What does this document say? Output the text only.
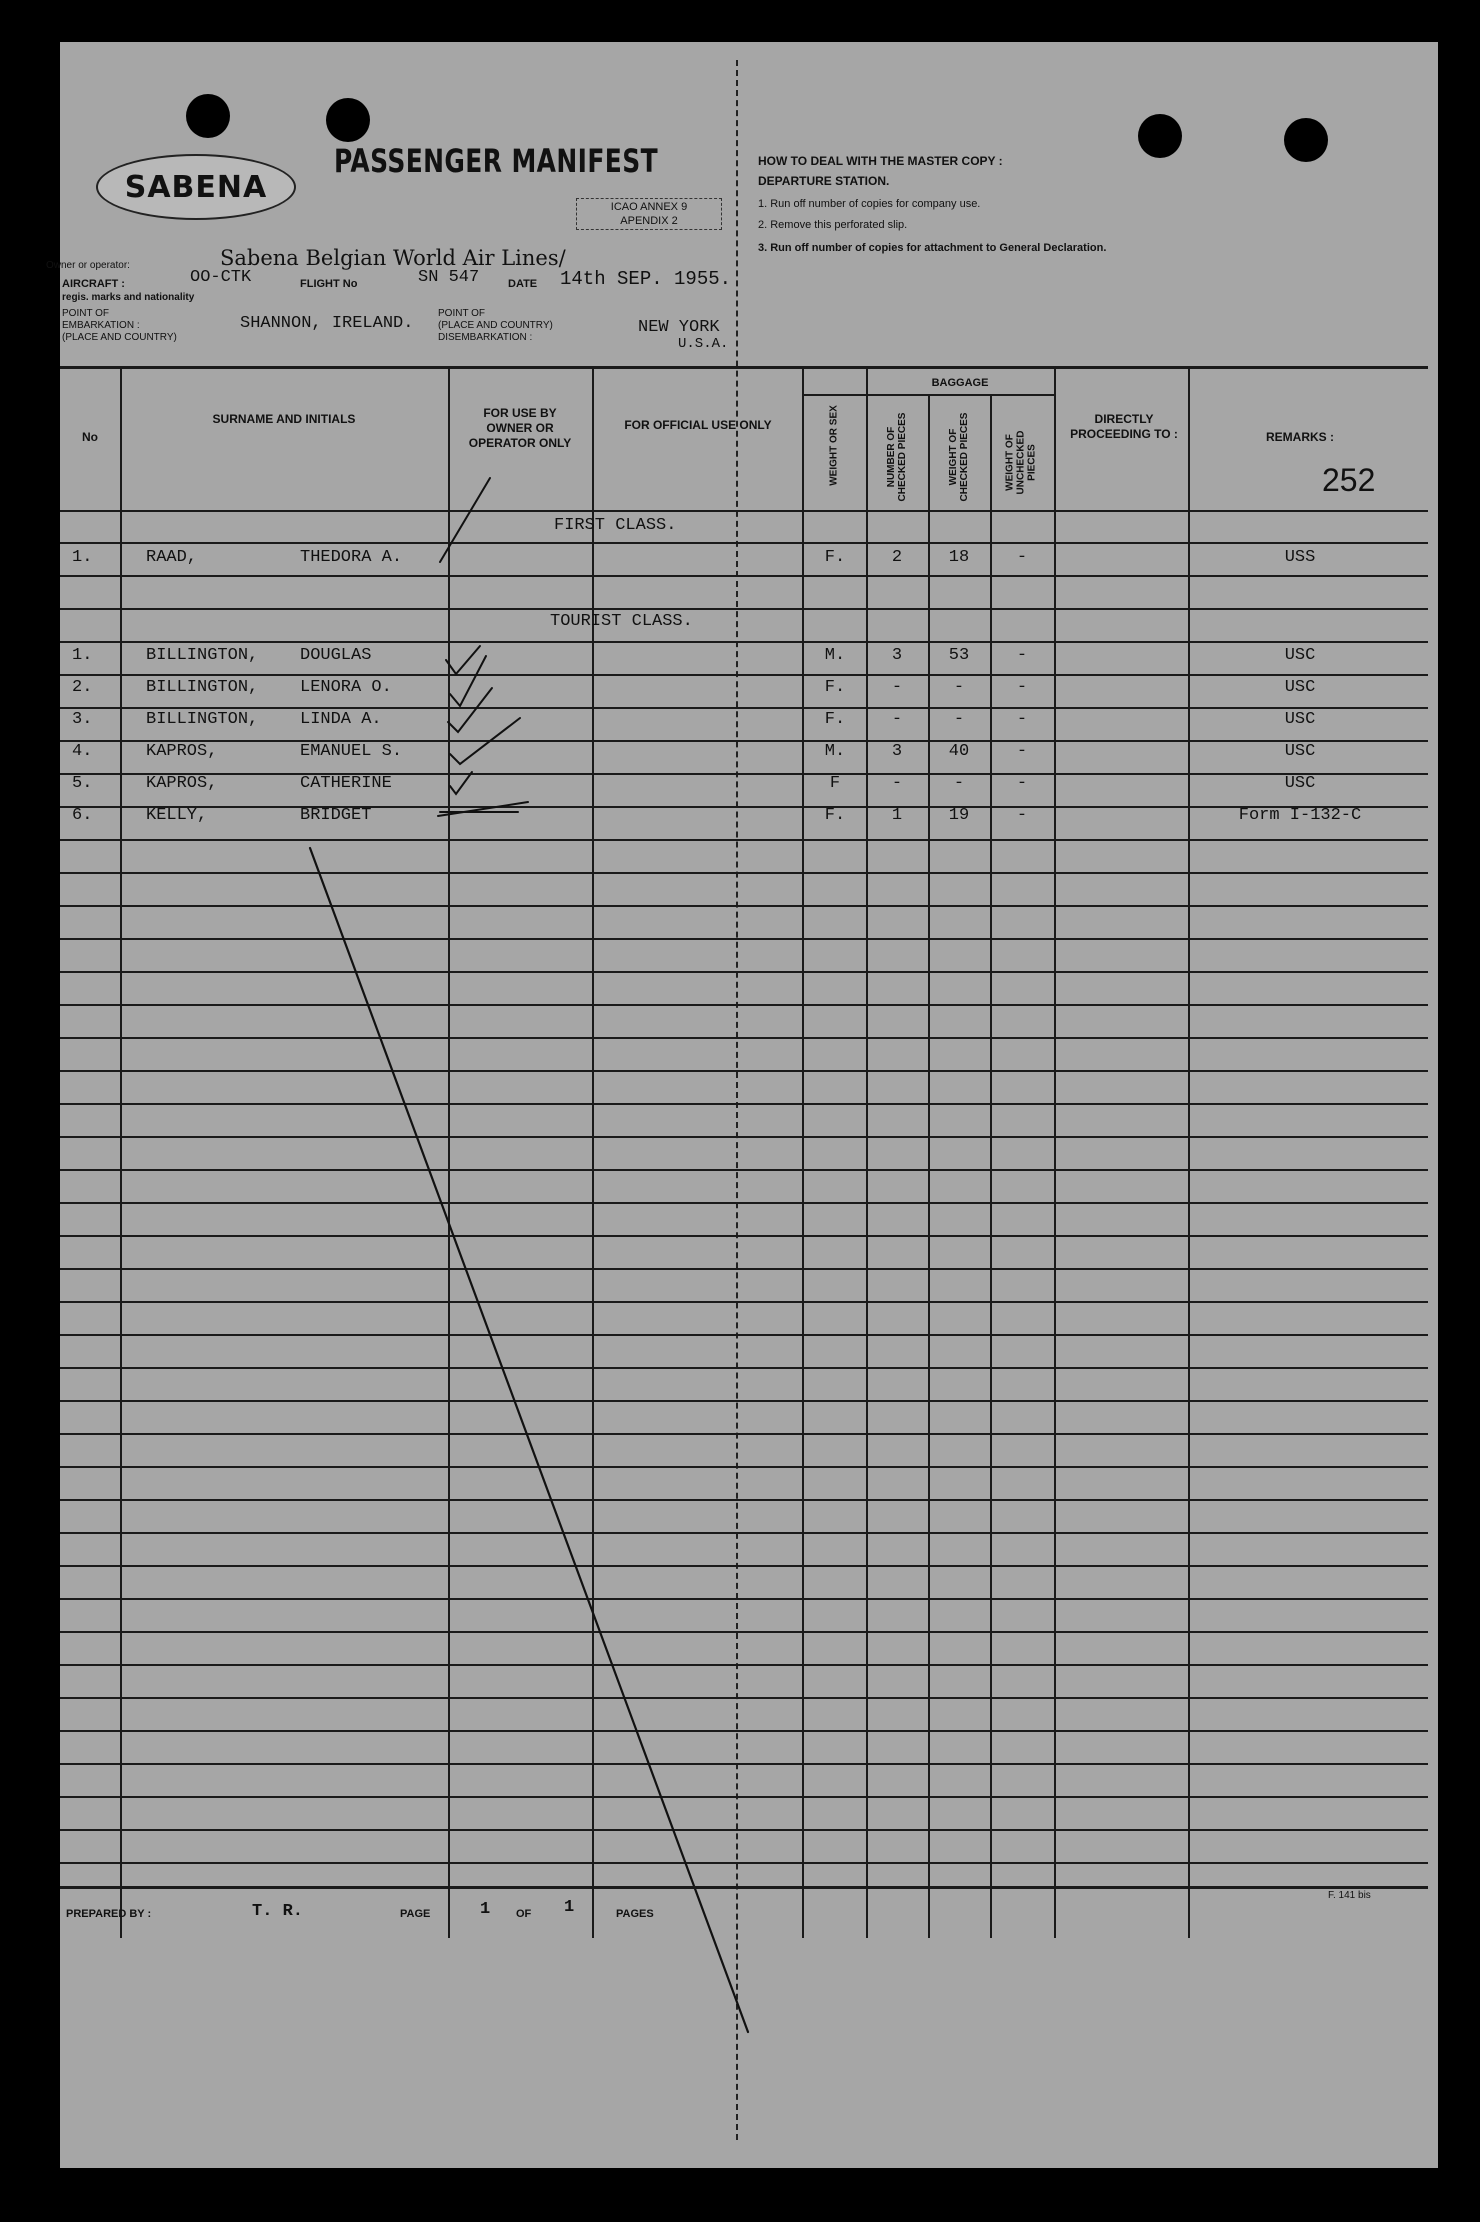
SABENA
PASSENGER MANIFEST
ICAO ANNEX 9
APENDIX 2
HOW TO DEAL WITH THE MASTER COPY :
DEPARTURE STATION.
1. Run off number of copies for company use.
2. Remove this perforated slip.
3. Run off number of copies for attachment to General Declaration.
Owner or operator:	Sabena Belgian World Air Lines/
AIRCRAFT :	OO-CTK
regis. marks and nationality
FLIGHT No	SN 547	DATE 14th SEP. 1955.
POINT OF
EMBARKATION :
(PLACE AND COUNTRY)
SHANNON, IRELAND.
POINT OF
(PLACE AND COUNTRY)
DISEMBARKATION :
NEW YORK
U.S.A.
No
SURNAME AND INITIALS	FOR USE BY OWNER OR OPERATOR ONLY
FOR OFFICIAL USE ONLY	WEIGHT OR SEX
BAGGAGE
NUMBER OF CHECKED PIECES	WEIGHT OF CHECKED PIECES	WEIGHT OF UNCHECKED PIECES
DIRECTLY PROCEEDING TO :	REMARKS :
252
FIRST CLASS.
TOURIST CLASS.
1.	RAAD,	THEDORA A.	F.	2	18	-	USS
1.	BILLINGTON,	DOUGLAS	M.	3	53	-	USC
2.	BILLINGTON,	LENORA O.	F.	-	-	-	USC
3.	BILLINGTON,	LINDA A.	F.	-	-	-	USC
4.	KAPROS,	EMANUEL S.	M.	3	40	-	USC
5.	KAPROS,	CATHERINE	F	-	-	-	USC
6.	KELLY,	BRIDGET	F.	1	19	-	Form I-132-C
PREPARED BY :	T. R.	PAGE	1 OF 1	PAGES
F. 141 bis
